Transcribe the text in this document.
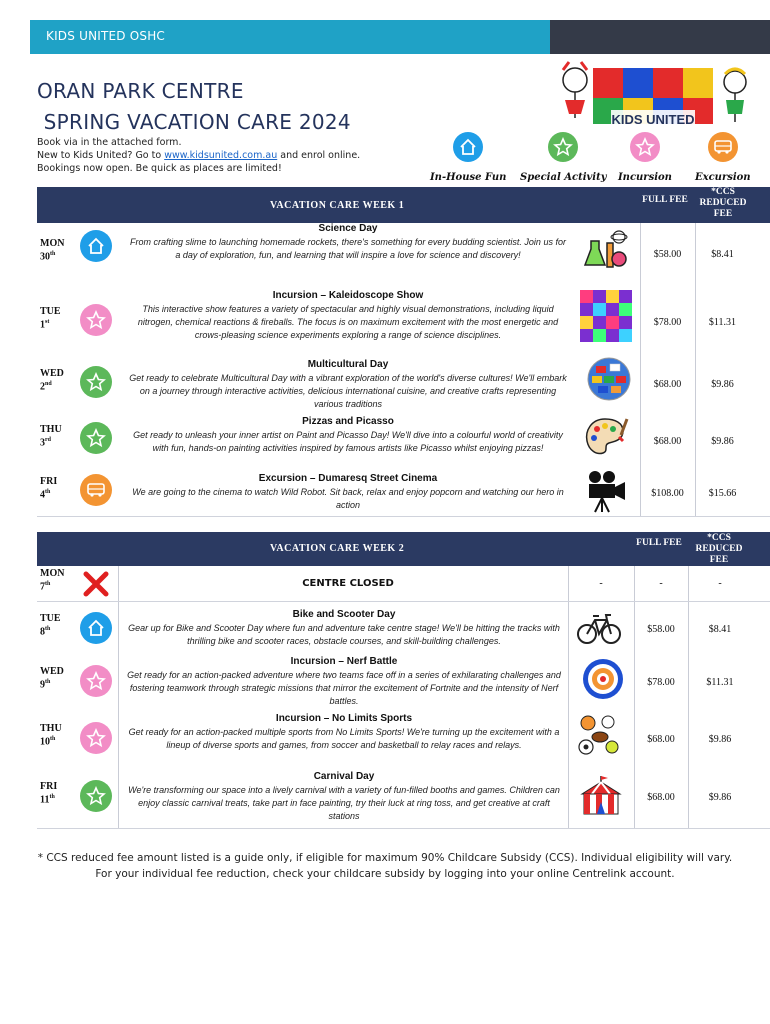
KIDS UNITED OSHC
ORAN PARK CENTRE
SPRING VACATION CARE 2024
Book via in the attached form.
New to Kids United? Go to www.kidsunited.com.au and enrol online.
Bookings now open. Be quick as places are limited!
KIDS UNITED
In-House Fun Special Activity Incursion Excursion
VACATION CARE WEEK 1	FULL FEE
*CCS REDUCED FEE
MON
30th
Science Day
From crafting slime to launching homemade rockets, there's something for every budding scientist. Join us for a day of exploration, fun, and learning that will inspire a love for science and discovery!	$58.00	$8.41
TUE
1st
Incursion – Kaleidoscope Show
This interactive show features a variety of spectacular and highly visual demonstrations, including liquid nitrogen, chemical reactions & fireballs. The focus is on maximum excitement with the most energetic and crows-pleasing science experiments exploring a range of science disciplines.
$78.00	$11.31
WED
2nd
Multicultural Day
Get ready to celebrate Multicultural Day with a vibrant exploration of the world's diverse cultures! We'll embark on a journey through interactive activities, delicious international cuisine, and creative crafts representing various traditions
$68.00	$9.86
THU
3rd
Pizzas and Picasso
Get ready to unleash your inner artist on Paint and Picasso Day! We'll dive into a colourful world of creativity with fun, hands-on painting activities inspired by famous artists like Picasso whilst enjoying pizzas!
$68.00	$9.86
FRI
4th
Excursion – Dumaresq Street Cinema
We are going to the cinema to watch Wild Robot. Sit back, relax and enjoy popcorn and watching our hero in action
$108.00	$15.66
VACATION CARE WEEK 2	FULL FEE	*CCS REDUCED FEE
MON
7th	CENTRE CLOSED	-	-	-
TUE
8th
Bike and Scooter Day
Gear up for Bike and Scooter Day where fun and adventure take centre stage! We'll be hitting the tracks with thrilling bike and scooter races, obstacle courses, and skill-building challenges.
$58.00	$8.41
WED
9th
Incursion – Nerf Battle
Get ready for an action-packed adventure where two teams face off in a series of exhilarating challenges and fostering teamwork through strategic missions that mirror the excitement of Fortnite and the intensity of Nerf battles.
$78.00	$11.31
THU
10th
Incursion – No Limits Sports
Get ready for an action-packed multiple sports from No Limits Sports! We're turning up the excitement with a lineup of diverse sports and games, from soccer and basketball to relay races and relays.	$68.00	$9.86
FRI
11th
Carnival Day
We're transforming our space into a lively carnival with a variety of fun-filled booths and games. Children can enjoy classic carnival treats, take part in face painting, try their luck at ring toss, and get creative at craft stations
$68.00	$9.86
* CCS reduced fee amount listed is a guide only, if eligible for maximum 90% Childcare Subsidy (CCS). Individual eligibility will vary.
For your individual fee reduction, check your childcare subsidy by logging into your online Centrelink account.
